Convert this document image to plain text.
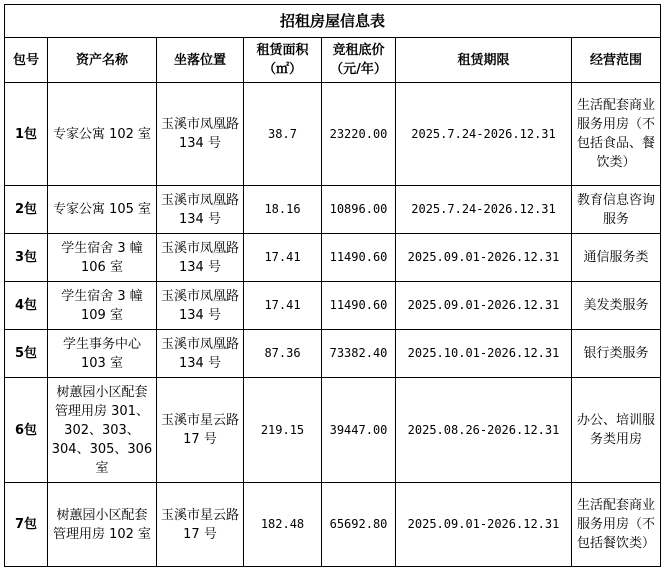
招租房屋信息表						
包号	资产名称	坐落位置	租赁面积（㎡）	竞租底价（元/年）	租赁期限	经营范围
1包	专家公寓 102 室	玉溪市凤凰路 134 号	38.7	23220.00	2025.7.24-2026.12.31	生活配套商业服务用房（不包括食品、餐饮类）
2包	专家公寓 105 室	玉溪市凤凰路 134 号	18.16	10896.00	2025.7.24-2026.12.31	教育信息咨询服务
3包	学生宿舍 3 幢 106 室	玉溪市凤凰路 134 号	17.41	11490.60	2025.09.01-2026.12.31	通信服务类
4包	学生宿舍 3 幢 109 室	玉溪市凤凰路 134 号	17.41	11490.60	2025.09.01-2026.12.31	美发类服务
5包	学生事务中心 103 室	玉溪市凤凰路 134 号	87.36	73382.40	2025.10.01-2026.12.31	银行类服务
6包	树蕙园小区配套管理用房 301、302、303、304、305、306 室	玉溪市星云路 17 号	219.15	39447.00	2025.08.26-2026.12.31	办公、培训服务类用房
7包	树蕙园小区配套管理用房 102 室	玉溪市星云路 17 号	182.48	65692.80	2025.09.01-2026.12.31	生活配套商业服务用房（不包括餐饮类）
